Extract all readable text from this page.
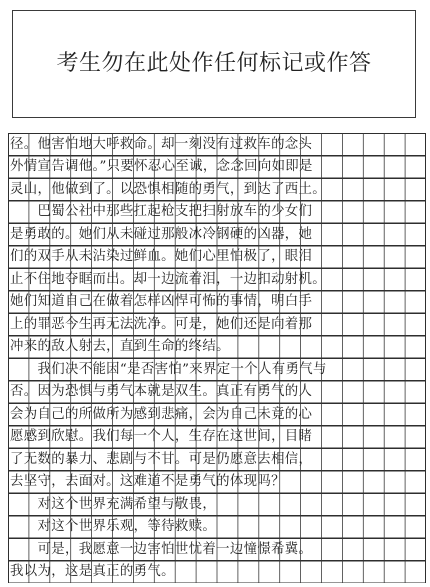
考生勿在此处作任何标记或作答
径。他害怕地大呼救命。却一刻没有过救车的念头
外情宣告调他。”只要怀忍心至诚，念念回向如即是
灵山，他做到了。以恐惧相随的勇气，到达了西土。
　　巴蜀公社中那些扛起枪支把扫射放车的少女们
是勇敢的。她们从未碰过那般冰冷钢硬的凶器，她
们的双手从未沾染过鲜血。她们心里怕极了，眼泪
止不住地夺眶而出。却一边流着泪，一边扣动射机。
她们知道自己在做着怎样凶悍可怖的事情，明白手
上的罪恶今生再无法洗净。可是，她们还是向着那
冲来的敌人射去，直到生命的终结。
　　我们决不能因“是否害怕”来界定一个人有勇气与
否。因为恐惧与勇气本就是双生。真正有勇气的人
会为自己的所做所为感到悲痛，会为自己未竟的心
愿感到欣慰。我们每一个人，生存在这世间，目睹
了无数的暴力、悲剧与不甘。可是仍愿意去相信，
去坚守，去面对。这难道不是勇气的体现吗？
　　对这个世界充满希望与敬畏，
　　对这个世界乐观，等待救赎。
　　可是，我愿意一边害怕世忧着一边憧憬希冀。
我以为，这是真正的勇气。
